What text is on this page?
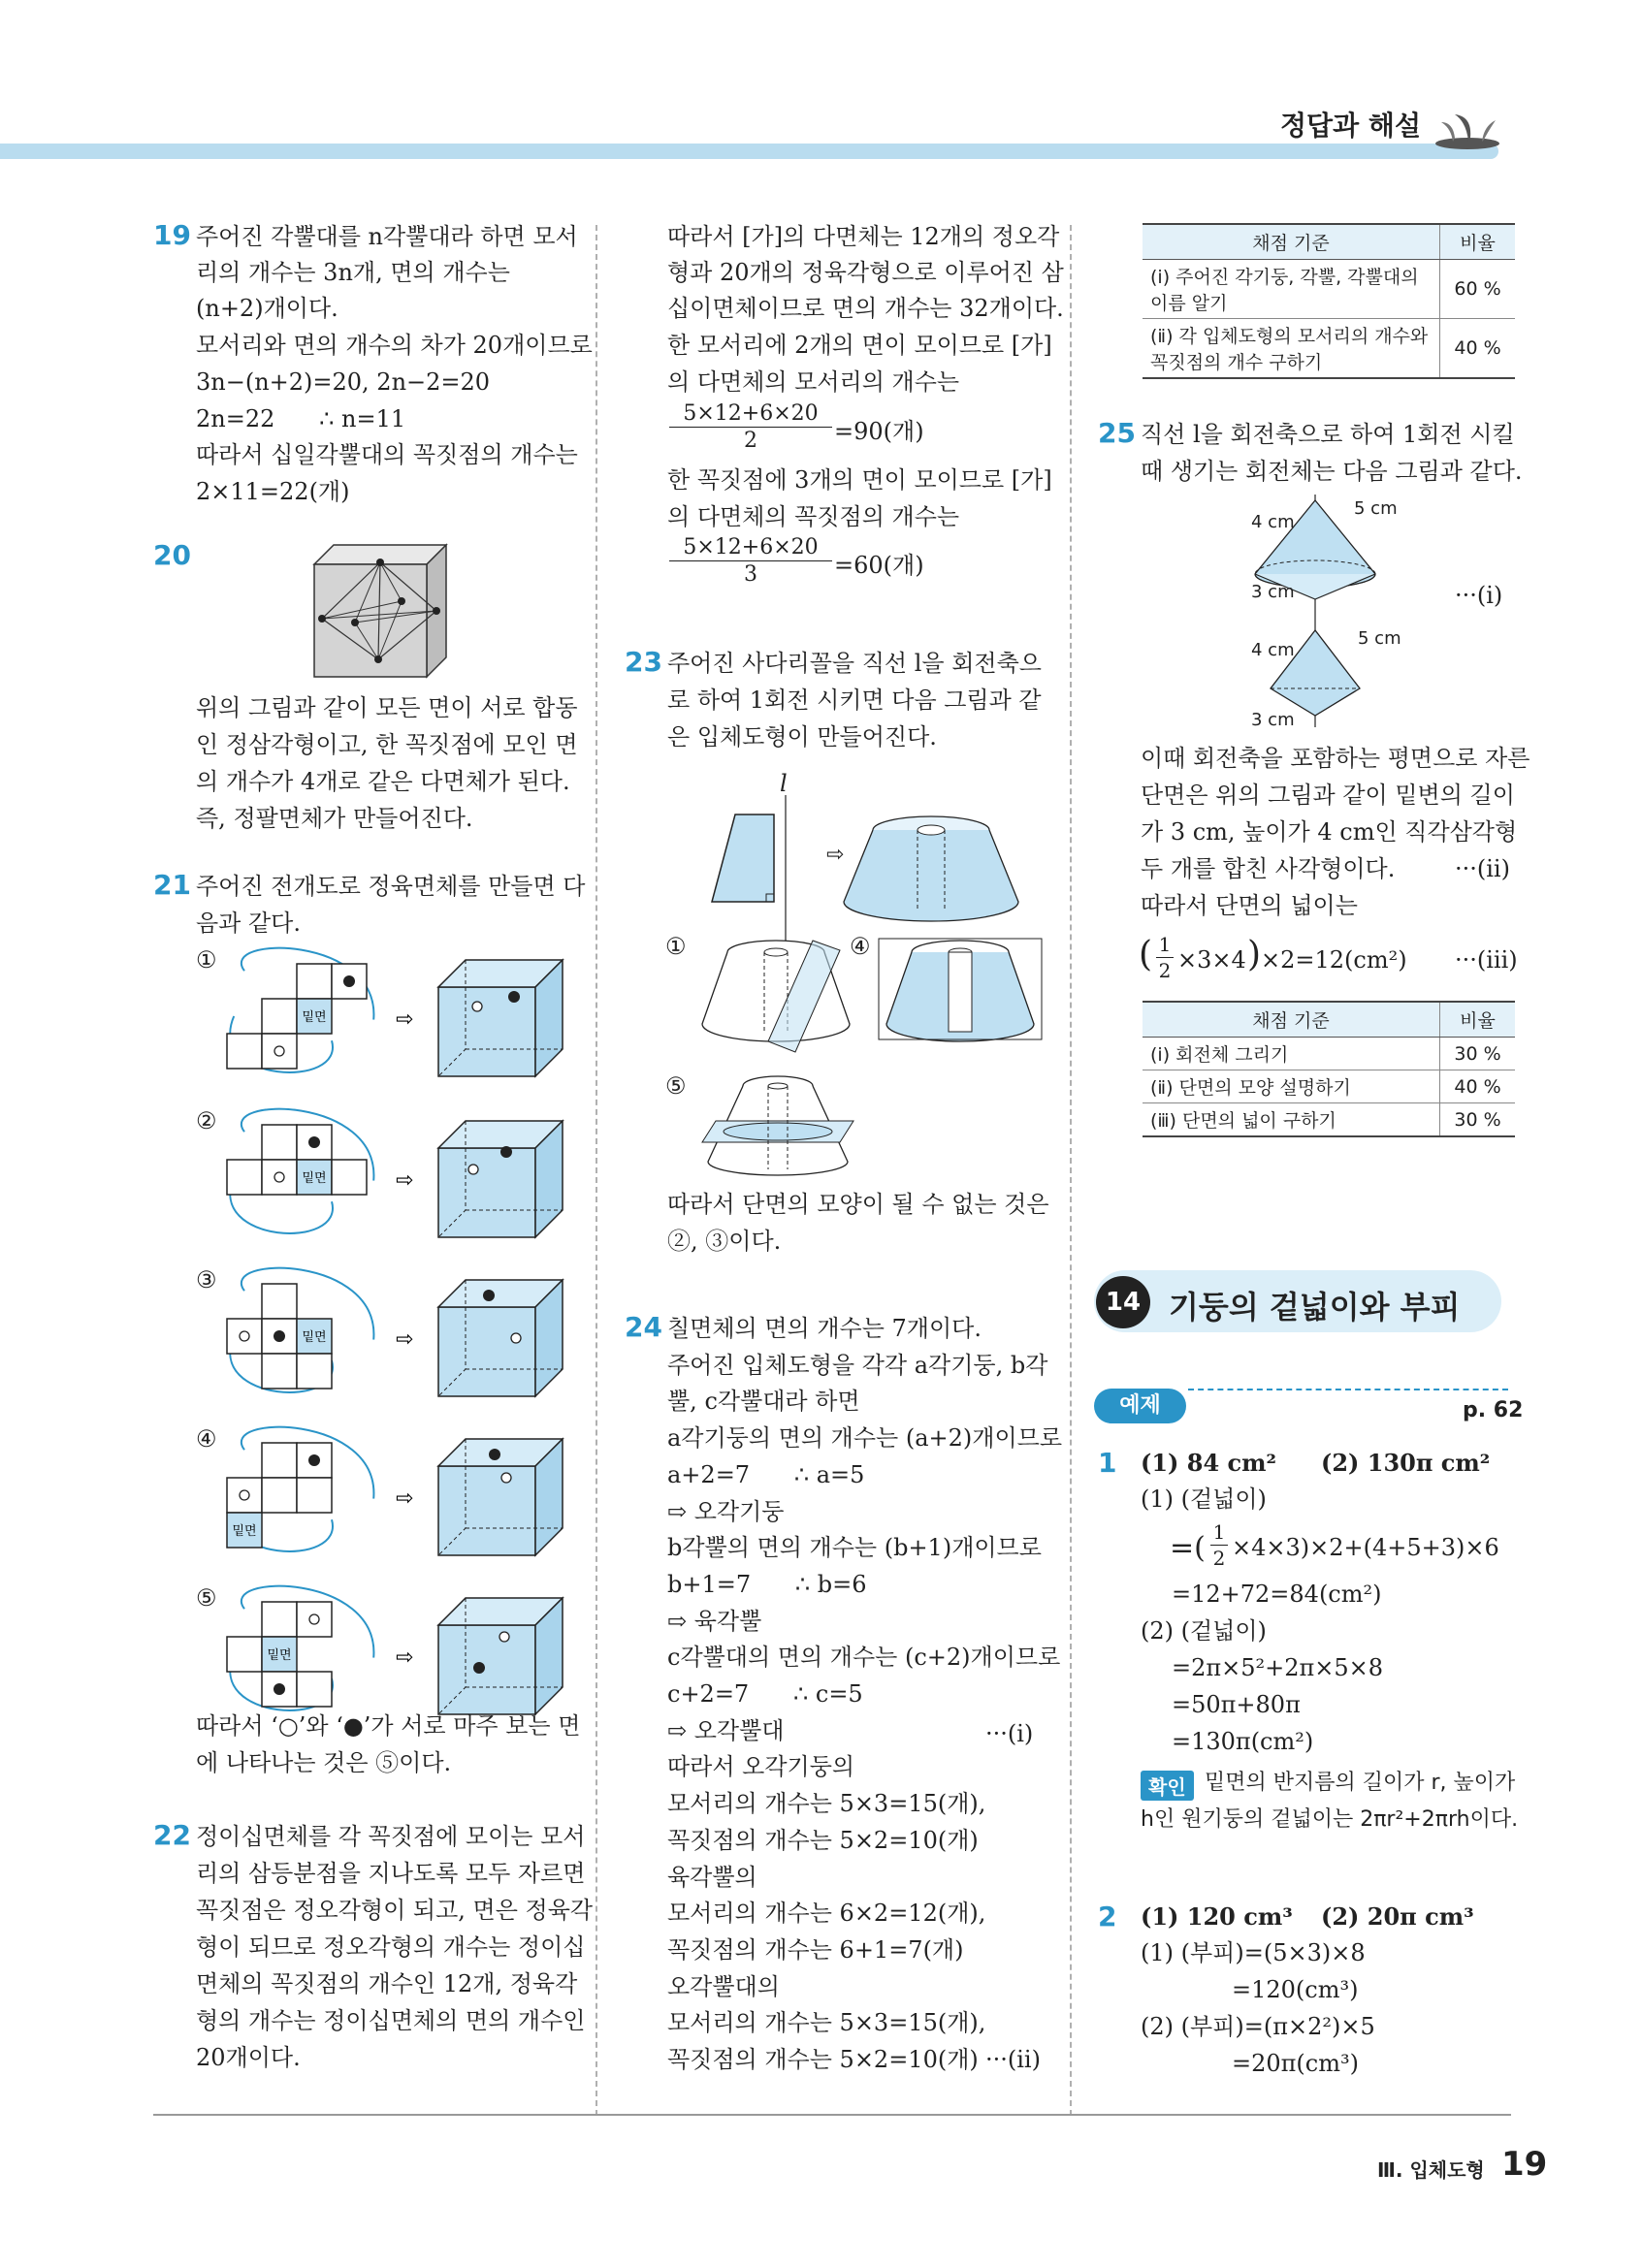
정답과 해설
19 주어진 각뿔대를 n각뿔대라 하면 모서
리의 개수는 3n개, 면의 개수는
(n+2)개이다.
모서리와 면의 개수의 차가 20개이므로
3n−(n+2)=20, 2n−2=20
2n=22      ∴ n=11
따라서 십일각뿔대의 꼭짓점의 개수는
2×11=22(개)
20
위의 그림과 같이 모든 면이 서로 합동
인 정삼각형이고, 한 꼭짓점에 모인 면
의 개수가 4개로 같은 다면체가 된다.
즉, 정팔면체가 만들어진다.
21 주어진 전개도로 정육면체를 만들면 다
음과 같다.
①
밑면	⇨
②
밑면	⇨
③
밑면	⇨
④
밑면
⇨
⑤
밑면	⇨
따라서 ‘○’와 ‘●’가 서로 마주 보는 면
에 나타나는 것은 ⑤이다.
22 정이십면체를 각 꼭짓점에 모이는 모서
리의 삼등분점을 지나도록 모두 자르면
꼭짓점은 정오각형이 되고, 면은 정육각
형이 되므로 정오각형의 개수는 정이십
면체의 꼭짓점의 개수인 12개, 정육각
형의 개수는 정이십면체의 면의 개수인
20개이다.
따라서 [가]의 다면체는 12개의 정오각
형과 20개의 정육각형으로 이루어진 삼
십이면체이므로 면의 개수는 32개이다.
한 모서리에 2개의 면이 모이므로 [가]
의 다면체의 모서리의 개수는
5×12+6×20
2	=90(개)
한 꼭짓점에 3개의 면이 모이므로 [가]
의 다면체의 꼭짓점의 개수는
5×12+6×20
3	=60(개)
23 주어진 사다리꼴을 직선 l을 회전축으
로 하여 1회전 시키면 다음 그림과 같
은 입체도형이 만들어진다.
l
⇨
①	④
⑤
따라서 단면의 모양이 될 수 없는 것은
②, ③이다.
24 칠면체의 면의 개수는 7개이다.
주어진 입체도형을 각각 a각기둥, b각
뿔, c각뿔대라 하면
a각기둥의 면의 개수는 (a+2)개이므로
a+2=7      ∴ a=5
⇨ 오각기둥
b각뿔의 면의 개수는 (b+1)개이므로
b+1=7      ∴ b=6
⇨ 육각뿔
c각뿔대의 면의 개수는 (c+2)개이므로
c+2=7      ∴ c=5
⇨ 오각뿔대
따라서 오각기둥의
모서리의 개수는 5×3=15(개),
꼭짓점의 개수는 5×2=10(개)
육각뿔의
모서리의 개수는 6×2=12(개),
꼭짓점의 개수는 6+1=7(개)
오각뿔대의
모서리의 개수는 5×3=15(개),
꼭짓점의 개수는 5×2=10(개)
···(ⅰ)
···(ⅱ)
채점 기준	비율
(ⅰ) 주어진 각기둥, 각뿔, 각뿔대의 이름 알기	60 %
(ⅱ) 각 입체도형의 모서리의 개수와 꼭짓점의 개수 구하기	40 %
25 직선 l을 회전축으로 하여 1회전 시킬
때 생기는 회전체는 다음 그림과 같다.
4 cm
5 cm
3 cm	···(ⅰ)
4 cm
5 cm
3 cm
이때 회전축을 포함하는 평면으로 자른
단면은 위의 그림과 같이 밑변의 길이
가 3 cm, 높이가 4 cm인 직각삼각형
두 개를 합친 사각형이다.	···(ⅱ)
따라서 단면의 넓이는
( 1
2 ×3×4 ) ×2=12(cm²) ···(ⅲ)
채점 기준	비율
(ⅰ) 회전체 그리기	30 %
(ⅱ) 단면의 모양 설명하기	40 %
(ⅲ) 단면의 넓이 구하기	30 %
14강
기둥의 겉넓이와 부피
예제	p. 62
1 (1) 84 cm² (2) 130π cm²
(1) (겉넓이)
=( 1
2 ×4×3)×2+(4+5+3)×6
=12+72=84(cm²)
(2) (겉넓이)
=2π×5²+2π×5×8
=50π+80π
=130π(cm²)
확인 밑면의 반지름의 길이가 r, 높이가
h인 원기둥의 겉넓이는 2πr²+2πrh이다.
2 (1) 120 cm³ (2) 20π cm³
(1) (부피)=(5×3)×8
=120(cm³)
(2) (부피)=(π×2²)×5
=20π(cm³)
Ⅲ. 입체도형 19
